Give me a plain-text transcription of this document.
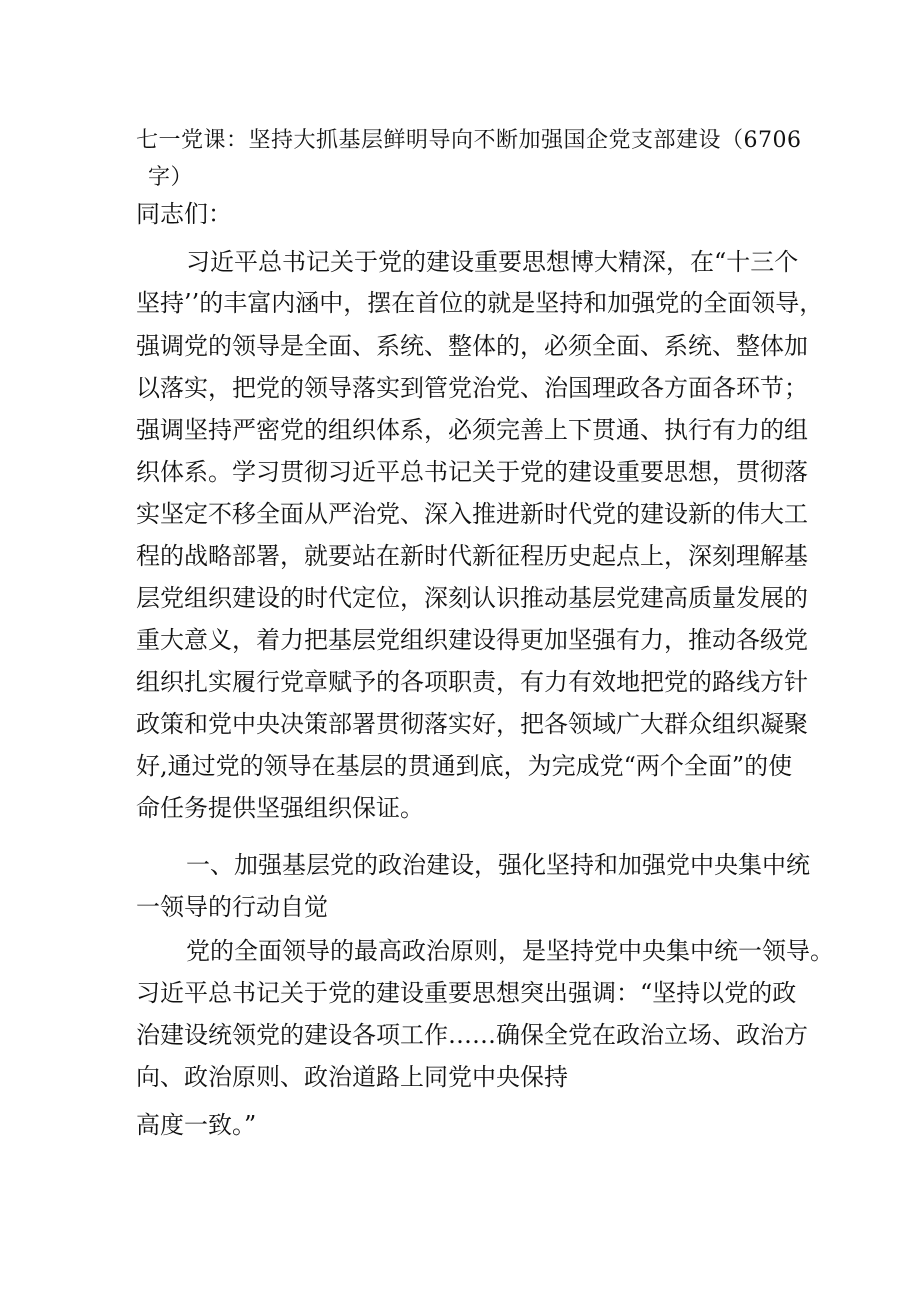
七一党课：坚持大抓基层鲜明导向不断加强国企党支部建设（6706
字）

同志们：

习近平总书记关于党的建设重要思想博大精深，在“十三个

坚持’’的丰富内涵中，摆在首位的就是坚持和加强党的全面领导，

强调党的领导是全面、系统、整体的，必须全面、系统、整体加

以落实，把党的领导落实到管党治党、治国理政各方面各环节；

强调坚持严密党的组织体系，必须完善上下贯通、执行有力的组

织体系。学习贯彻习近平总书记关于党的建设重要思想，贯彻落

实坚定不移全面从严治党、深入推进新时代党的建设新的伟大工

程的战略部署，就要站在新时代新征程历史起点上，深刻理解基

层党组织建设的时代定位，深刻认识推动基层党建高质量发展的

重大意义，着力把基层党组织建设得更加坚强有力，推动各级党

组织扎实履行党章赋予的各项职责，有力有效地把党的路线方针

政策和党中央决策部署贯彻落实好，把各领域广大群众组织凝聚

好,通过党的领导在基层的贯通到底，为完成党“两个全面”的使

命任务提供坚强组织保证。

一、加强基层党的政治建设，强化坚持和加强党中央集中统

一领导的行动自觉

党的全面领导的最高政治原则，是坚持党中央集中统一领导。

习近平总书记关于党的建设重要思想突出强调：“坚持以党的政

治建设统领党的建设各项工作……确保全党在政治立场、政治方

向、政治原则、政治道路上同党中央保持

高度一致。”
